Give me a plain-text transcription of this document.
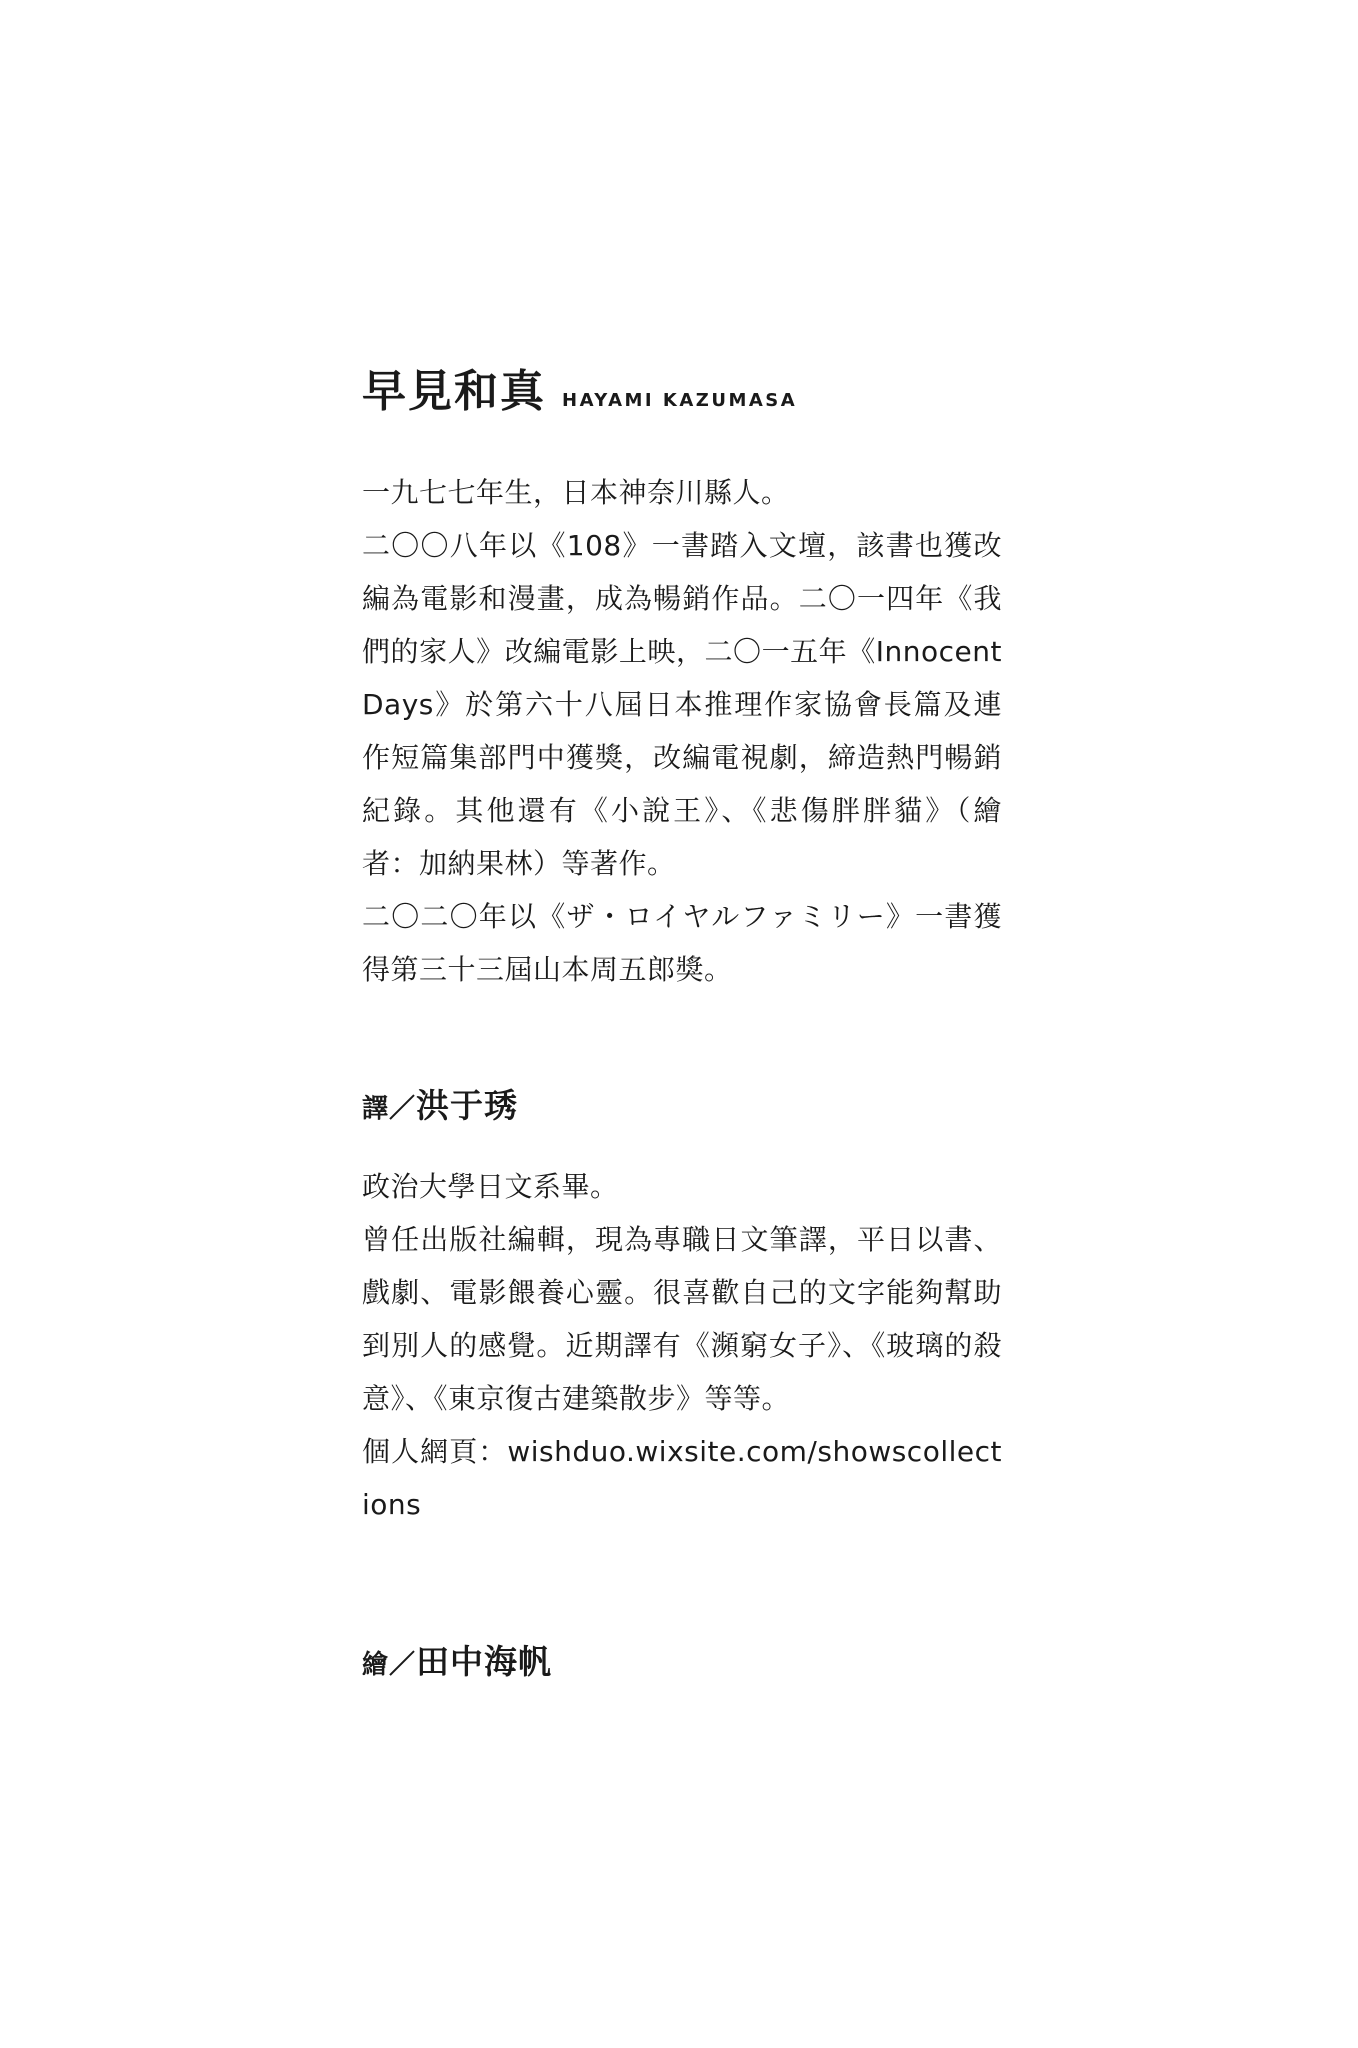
早見和真 HAYAMI KAZUMASA

一九七七年生，日本神奈川縣人。

二〇〇八年以《108》一書踏入文壇，該書也獲改編為電影和漫畫，成為暢銷作品。二〇一四年《我們的家人》改編電影上映，二〇一五年《Innocent Days》於第六十八屆日本推理作家協會長篇及連作短篇集部門中獲獎，改編電視劇，締造熱門暢銷紀錄。其他還有《小說王》、《悲傷胖胖貓》（繪者：加納果林）等著作。

二〇二〇年以《ザ・ロイヤルファミリー》一書獲得第三十三屆山本周五郎獎。

譯／洪于琇

政治大學日文系畢。

曾任出版社編輯，現為專職日文筆譯，平日以書、戲劇、電影餵養心靈。很喜歡自己的文字能夠幫助到別人的感覺。近期譯有《瀕窮女子》、《玻璃的殺意》、《東京復古建築散步》等等。

個人網頁：wishduo.wixsite.com/showscollections

繪／田中海帆
